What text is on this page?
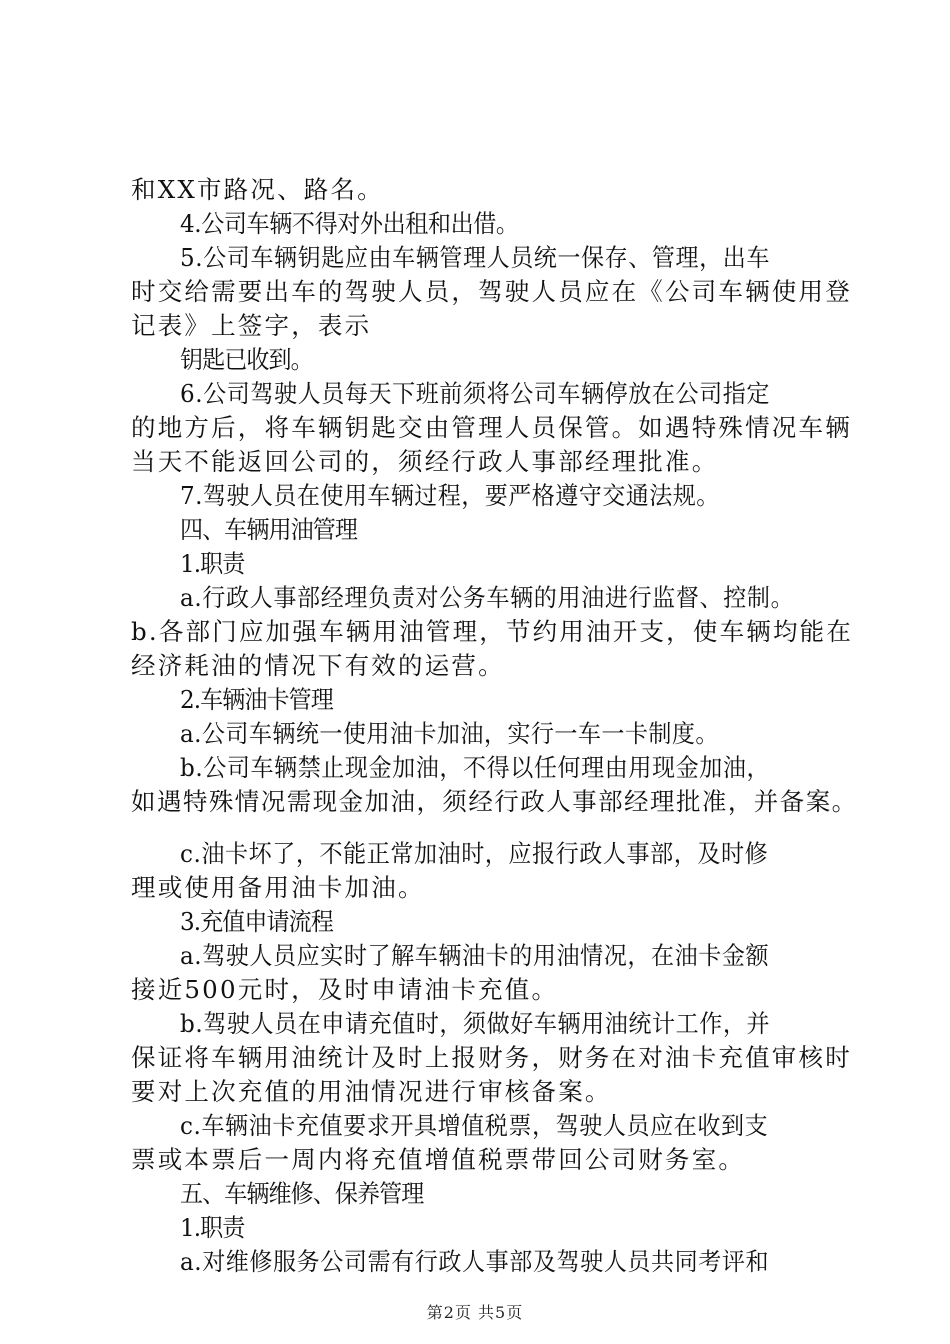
和XX市路况、路名。
4.公司车辆不得对外出租和出借。
5.公司车辆钥匙应由车辆管理人员统一保存、管理，出车
时交给需要出车的驾驶人员，驾驶人员应在《公司车辆使用登
记表》上签字，表示
钥匙已收到。
6.公司驾驶人员每天下班前须将公司车辆停放在公司指定
的地方后，将车辆钥匙交由管理人员保管。如遇特殊情况车辆
当天不能返回公司的，须经行政人事部经理批准。
7.驾驶人员在使用车辆过程，要严格遵守交通法规。
四、车辆用油管理
1.职责
a.行政人事部经理负责对公务车辆的用油进行监督、控制。
b.各部门应加强车辆用油管理，节约用油开支，使车辆均能在
经济耗油的情况下有效的运营。
2.车辆油卡管理
a.公司车辆统一使用油卡加油，实行一车一卡制度。
b.公司车辆禁止现金加油，不得以任何理由用现金加油，
如遇特殊情况需现金加油，须经行政人事部经理批准，并备案。
c.油卡坏了，不能正常加油时，应报行政人事部，及时修
理或使用备用油卡加油。
3.充值申请流程
a.驾驶人员应实时了解车辆油卡的用油情况，在油卡金额
接近500元时，及时申请油卡充值。
b.驾驶人员在申请充值时，须做好车辆用油统计工作，并
保证将车辆用油统计及时上报财务，财务在对油卡充值审核时
要对上次充值的用油情况进行审核备案。
c.车辆油卡充值要求开具增值税票，驾驶人员应在收到支
票或本票后一周内将充值增值税票带回公司财务室。
五、车辆维修、保养管理
1.职责
a.对维修服务公司需有行政人事部及驾驶人员共同考评和
第2页 共5页
